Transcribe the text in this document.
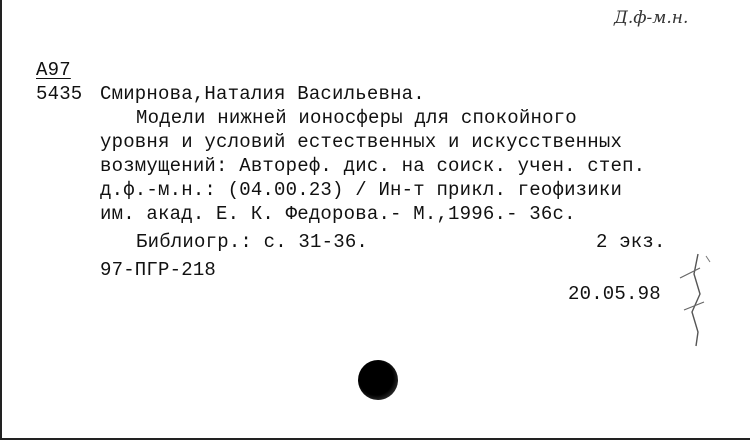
Д.ф-м.н.
А97
5435 Смирнова,Наталия Васильевна.
Модели нижней ионосферы для спокойного
уровня и условий естественных и искусственных
возмущений: Автореф. дис. на соиск. учен. степ.
д.ф.-м.н.: (04.00.23) / Ин-т прикл. геофизики
им. акад. Е. К. Федорова.- М.,1996.- 36с.
Библиогр.: с. 31-36.	2 экз.
97-ПГР-218
20.05.98
